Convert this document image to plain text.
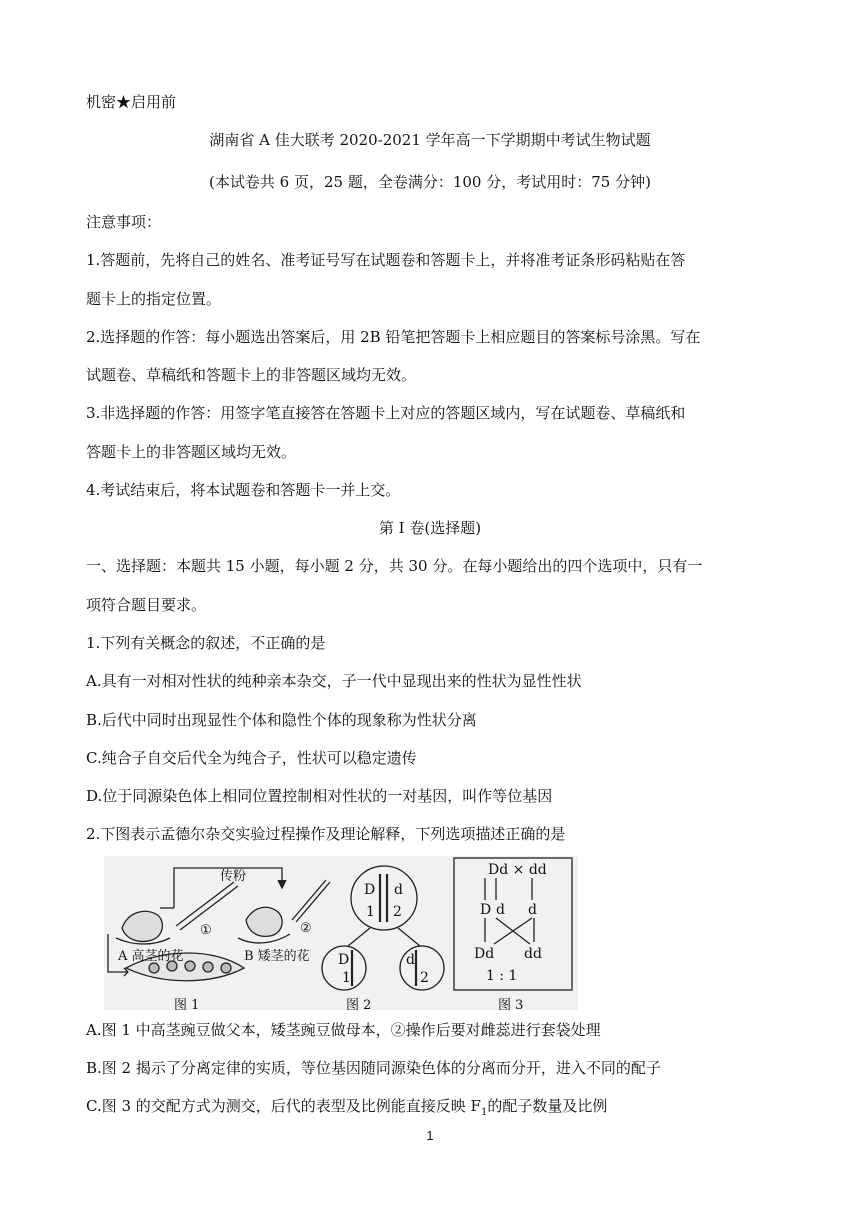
机密★启用前
湖南省 A 佳大联考 2020-2021 学年高一下学期期中考试生物试题
(本试卷共 6 页，25 题，全卷满分：100 分，考试用时：75 分钟)
注意事项：
1.答题前，先将自己的姓名、准考证号写在试题卷和答题卡上，并将准考证条形码粘贴在答
题卡上的指定位置。
2.选择题的作答：每小题选出答案后，用 2B 铅笔把答题卡上相应题目的答案标号涂黑。写在
试题卷、草稿纸和答题卡上的非答题区域均无效。
3.非选择题的作答：用签字笔直接答在答题卡上对应的答题区域内，写在试题卷、草稿纸和
答题卡上的非答题区域均无效。
4.考试结束后，将本试题卷和答题卡一并上交。
第 I 卷(选择题)
一、选择题：本题共 15 小题，每小题 2 分，共 30 分。在每小题给出的四个选项中，只有一
项符合题目要求。
1.下列有关概念的叙述，不正确的是
A.具有一对相对性状的纯种亲本杂交，子一代中显现出来的性状为显性性状
B.后代中同时出现显性个体和隐性个体的现象称为性状分离
C.纯合子自交后代全为纯合子，性状可以稳定遗传
D.位于同源染色体上相同位置控制相对性状的一对基因，叫作等位基因
2.下图表示孟德尔杂交实验过程操作及理论解释，下列选项描述正确的是
传粉
①	②
A 高茎的花	B 矮茎的花
D d
1 2
D
1
d
2
Dd × dd
D d d
Dd dd
1 : 1
图 1	图 2	图 3
A.图 1 中高茎豌豆做父本，矮茎豌豆做母本，②操作后要对雌蕊进行套袋处理
B.图 2 揭示了分离定律的实质，等位基因随同源染色体的分离而分开，进入不同的配子
C.图 3 的交配方式为测交，后代的表型及比例能直接反映 $F_1$的配子数量及比例
1
